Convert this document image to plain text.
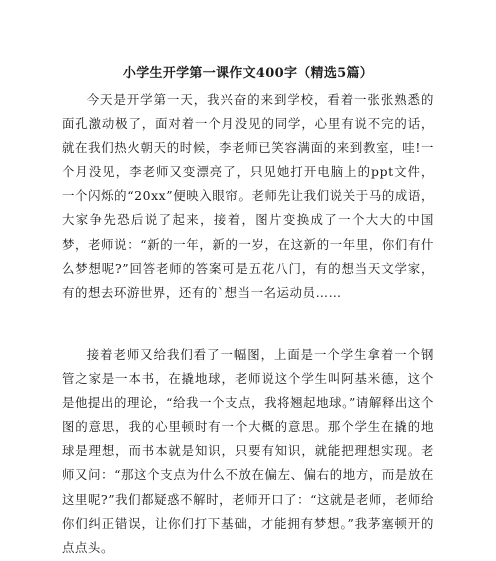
小学生开学第一课作文400字（精选5篇）

今天是开学第一天，我兴奋的来到学校，看着一张张熟悉的面孔激动极了，面对着一个月没见的同学，心里有说不完的话，就在我们热火朝天的时候，李老师已笑容满面的来到教室，哇!一个月没见，李老师又变漂亮了，只见她打开电脑上的ppt文件，一个闪烁的“20xx”便映入眼帘。老师先让我们说关于马的成语，大家争先恐后说了起来，接着，图片变换成了一个大大的中国梦，老师说：“新的一年，新的一岁，在这新的一年里，你们有什么梦想呢?”回答老师的答案可是五花八门，有的想当天文学家，有的想去环游世界，还有的`想当一名运动员……

接着老师又给我们看了一幅图，上面是一个学生拿着一个钢管之家是一本书，在撬地球，老师说这个学生叫阿基米德，这个是他提出的理论，“给我一个支点，我将翘起地球。”请解释出这个图的意思，我的心里顿时有一个大概的意思。那个学生在撬的地球是理想，而书本就是知识，只要有知识，就能把理想实现。老师又问：“那这个支点为什么不放在偏左、偏右的地方，而是放在这里呢?”我们都疑惑不解时，老师开口了：“这就是老师，老师给你们纠正错误，让你们打下基础，才能拥有梦想。”我茅塞顿开的点点头。
